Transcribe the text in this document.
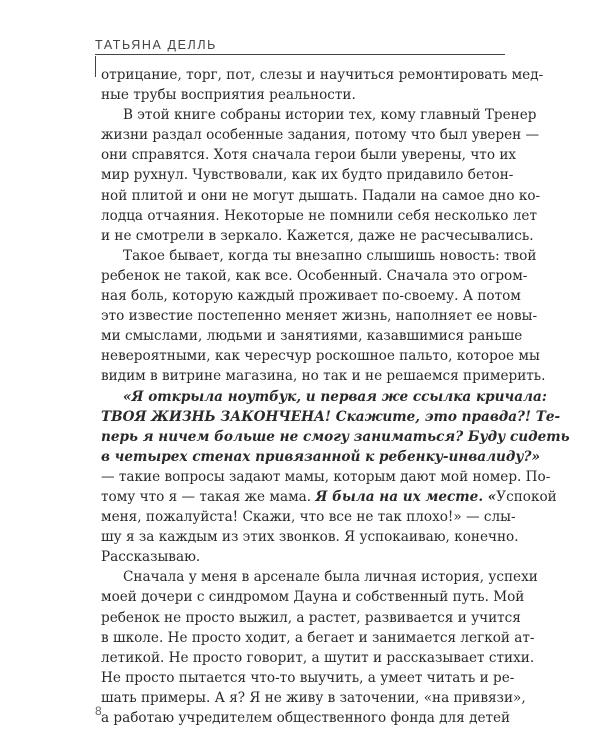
ТАТЬЯНА ДЕЛЛЬ
отрицание, торг, пот, слезы и научиться ремонтировать мед-
ные трубы восприятия реальности.
В этой книге собраны истории тех, кому главный Тренер
жизни раздал особенные задания, потому что был уверен —
они справятся. Хотя сначала герои были уверены, что их
мир рухнул. Чувствовали, как их будто придавило бетон-
ной плитой и они не могут дышать. Падали на самое дно ко-
лодца отчаяния. Некоторые не помнили себя несколько лет
и не смотрели в зеркало. Кажется, даже не расчесывались.
Такое бывает, когда ты внезапно слышишь новость: твой
ребенок не такой, как все. Особенный. Сначала это огром-
ная боль, которую каждый проживает по-своему. А потом
это известие постепенно меняет жизнь, наполняет ее новы-
ми смыслами, людьми и занятиями, казавшимися раньше
невероятными, как чересчур роскошное пальто, которое мы
видим в витрине магазина, но так и не решаемся примерить.
«Я открыла ноутбук, и первая же ссылка кричала:
ТВОЯ ЖИЗНЬ ЗАКОНЧЕНА! Скажите, это правда?! Те-
перь я ничем больше не смогу заниматься? Буду сидеть
в четырех стенах привязанной к ребенку-инвалиду?»
— такие вопросы задают мамы, которым дают мой номер. По-
тому что я — такая же мама. Я была на их месте. «Успокой
меня, пожалуйста! Скажи, что все не так плохо!» — слы-
шу я за каждым из этих звонков. Я успокаиваю, конечно.
Рассказываю.
Сначала у меня в арсенале была личная история, успехи
моей дочери с синдромом Дауна и собственный путь. Мой
ребенок не просто выжил, а растет, развивается и учится
в школе. Не просто ходит, а бегает и занимается легкой ат-
летикой. Не просто говорит, а шутит и рассказывает стихи.
Не просто пытается что-то выучить, а умеет читать и ре-
шать примеры. А я? Я не живу в заточении, «на привязи»,
а работаю учредителем общественного фонда для детей
8
